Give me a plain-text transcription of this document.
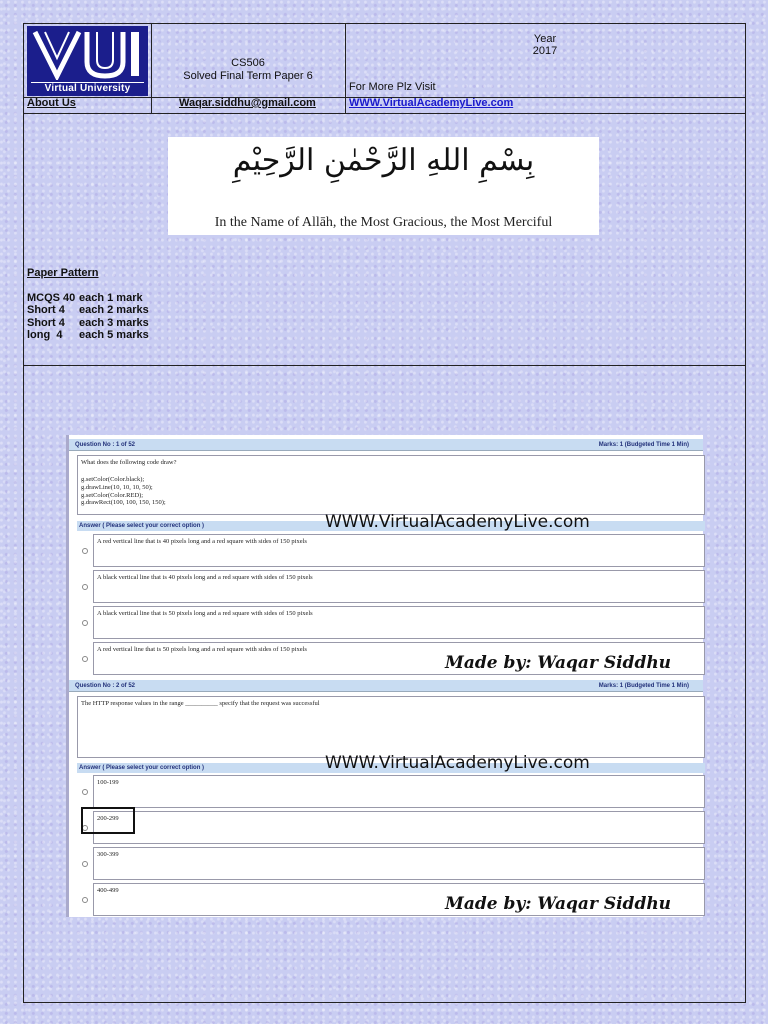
Virtual University
CS506
Solved Final Term Paper 6
Year
2017
For More Plz Visit
About Us	Waqar.siddhu@gmail.com	WWW.VirtualAcademyLive.com
بِسْمِ اللهِ الرَّحْمٰنِ الرَّحِيْمِ
In the Name of Allāh, the Most Gracious, the Most Merciful
Paper Pattern
MCQS 40 each 1 mark
Short 4 each 2 marks
Short 4 each 3 marks
long  4 each 5 marks
Question No : 1 of 52	Marks: 1 (Budgeted Time 1 Min)
What does the following code draw?
g.setColor(Color.black);
g.drawLine(10, 10, 10, 50);
g.setColor(Color.RED);
g.drawRect(100, 100, 150, 150);
Answer ( Please select your correct option )	WWW.VirtualAcademyLive.com
A red vertical line that is 40 pixels long and a red square with sides of 150 pixels
A black vertical line that is 40 pixels long and a red square with sides of 150 pixels
A black vertical line that is 50 pixels long and a red square with sides of 150 pixels
A red vertical line that is 50 pixels long and a red square with sides of 150 pixels
Made by: Waqar Siddhu
Question No : 2 of 52	Marks: 1 (Budgeted Time 1 Min)
The HTTP response values in the range __________ specify that the request was successful
Answer ( Please select your correct option )	WWW.VirtualAcademyLive.com
100-199
200-299
300-399
400-499
Made by: Waqar Siddhu
